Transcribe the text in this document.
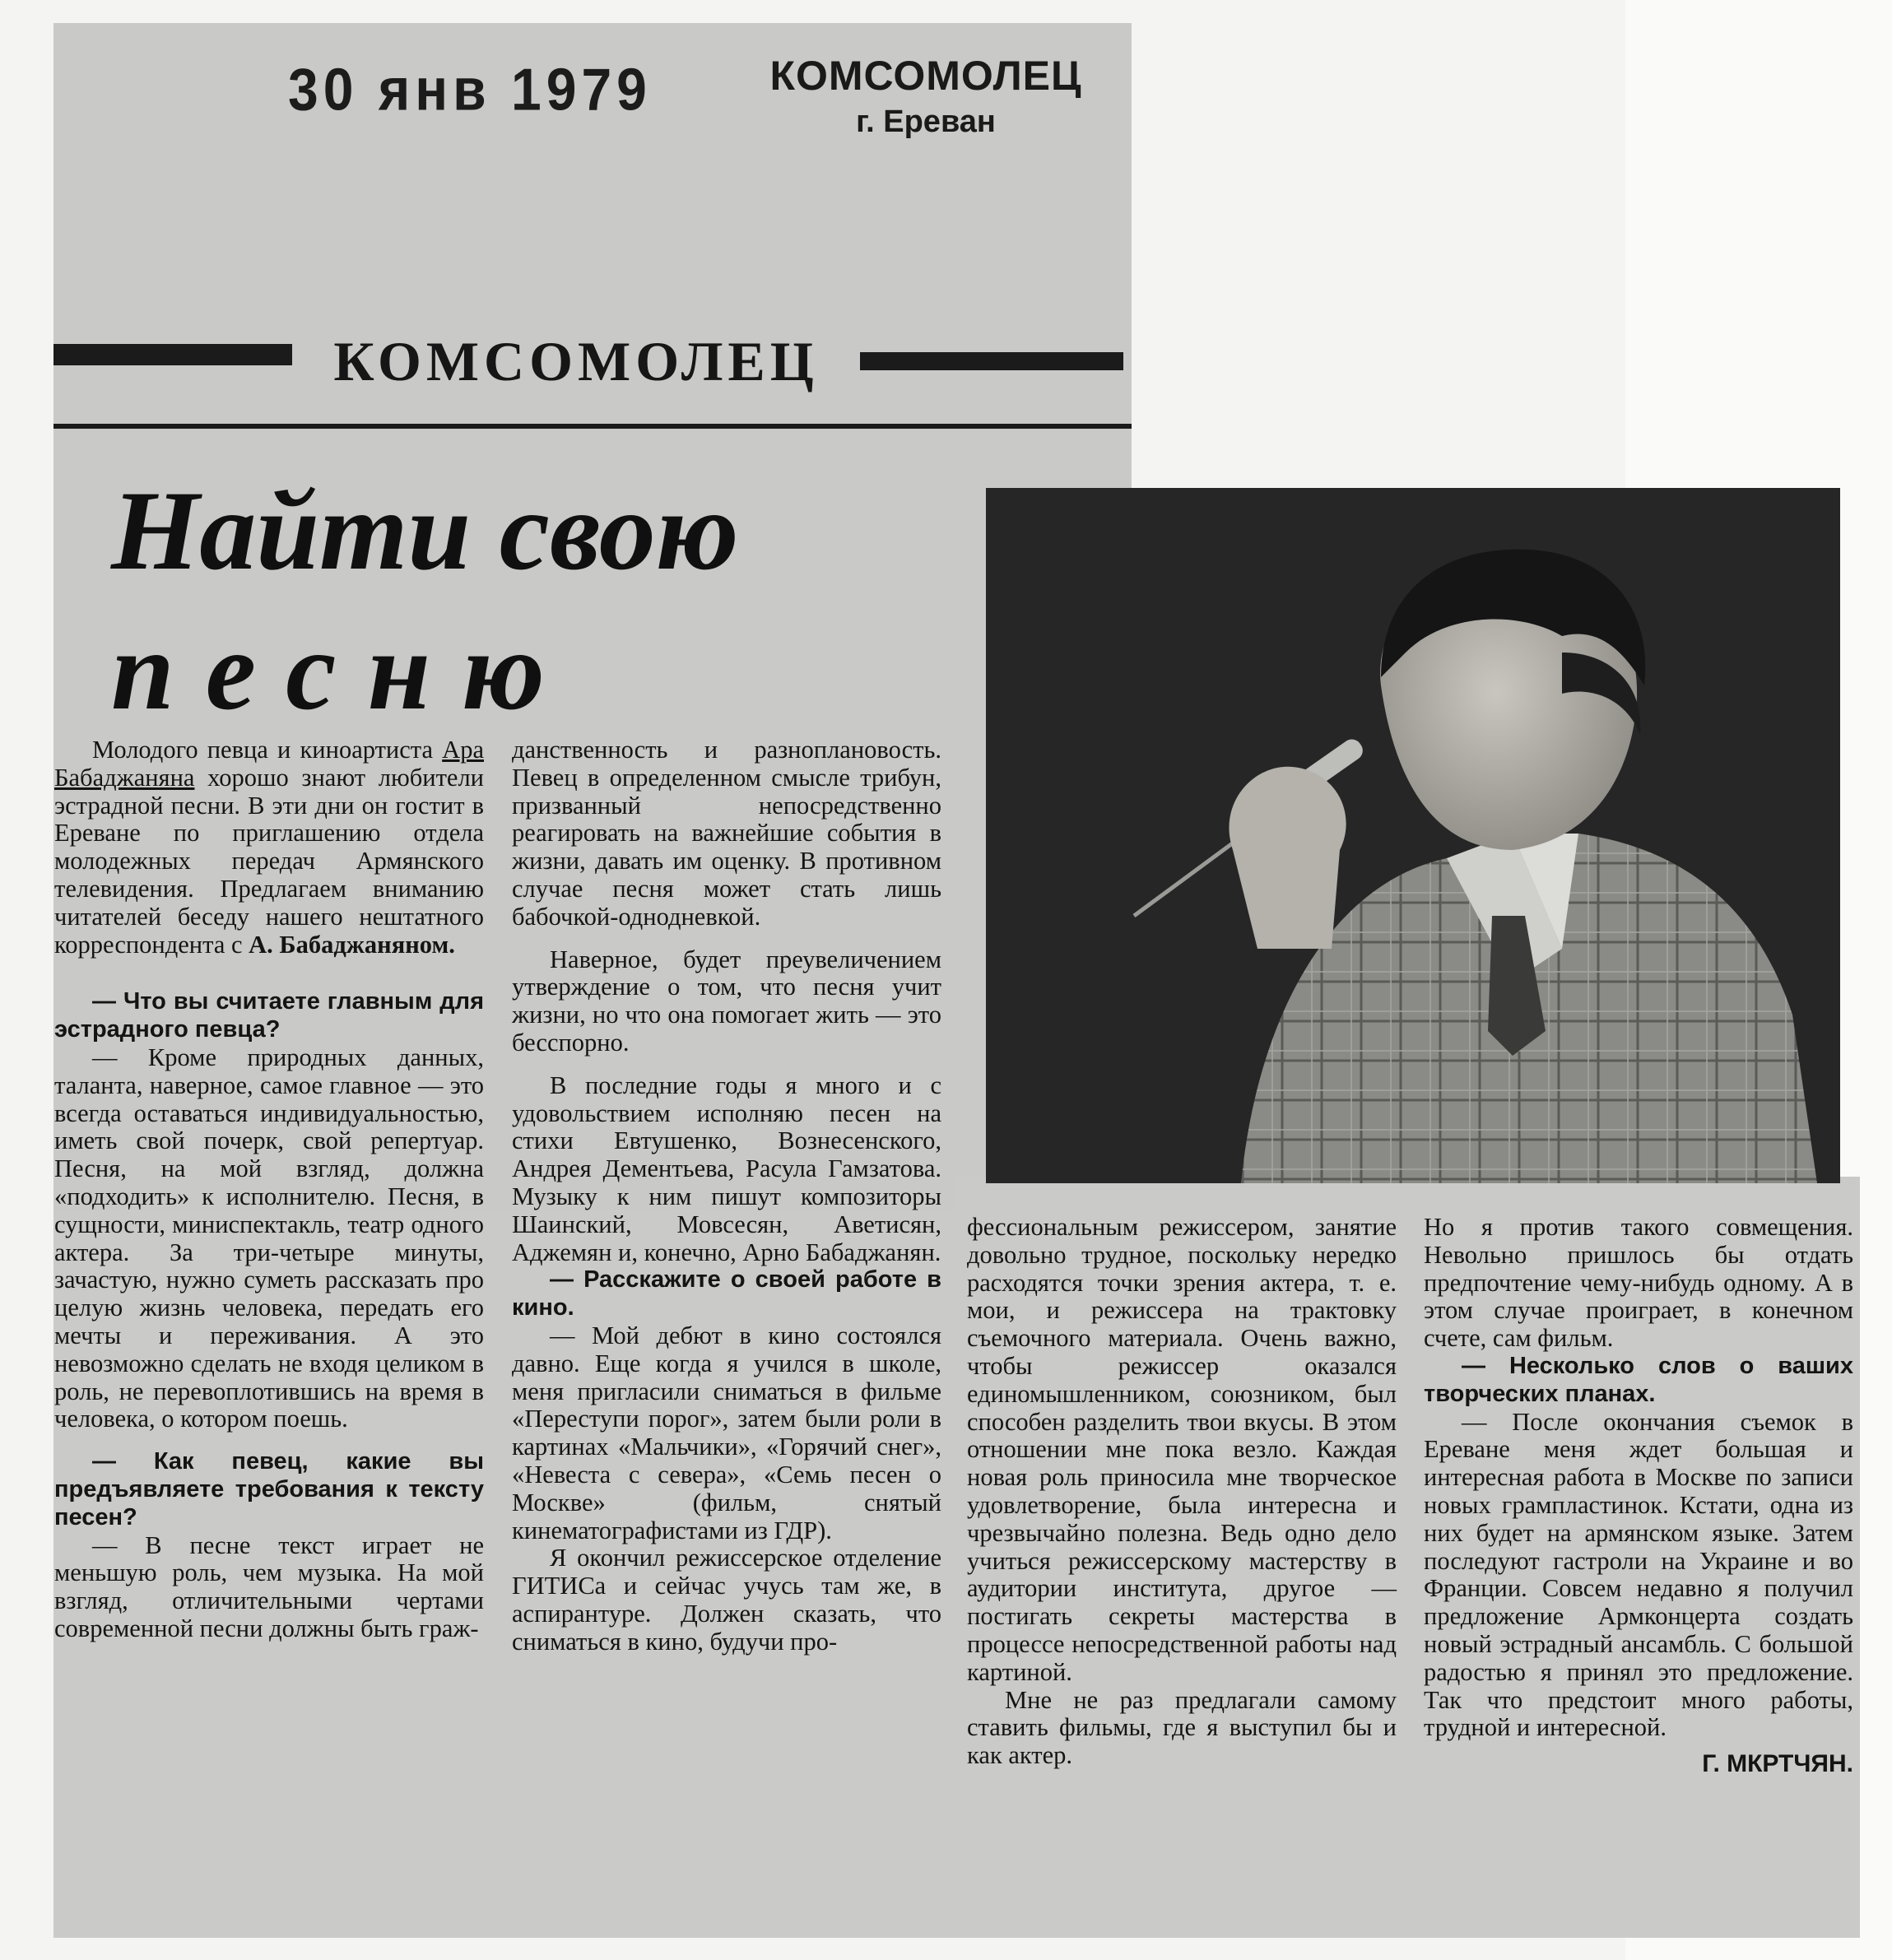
30 янв 1979	КОМСОМОЛЕЦ
г. Ереван
КОМСОМОЛЕЦ
Найти свою
песню

Молодого певца и киноартиста Ара Бабаджаняна хорошо знают любители эстрадной песни. В эти дни он гостит в Ереване по приглашению отдела молодежных передач Армянского телевидения. Предлагаем вниманию читателей беседу нашего нештатного корреспондента с А. Бабаджаняном.

— Что вы считаете главным для эстрадного певца?

— Кроме природных данных, таланта, наверное, самое главное — это всегда оставаться индивидуальностью, иметь свой почерк, свой репертуар. Песня, на мой взгляд, должна «подходить» к исполнителю. Песня, в сущности, миниспектакль, театр одного актера. За три-четыре минуты, зачастую, нужно суметь рассказать про целую жизнь человека, передать его мечты и переживания. А это невозможно сделать не входя целиком в роль, не перевоплотившись на время в человека, о котором поешь.

— Как певец, какие вы предъявляете требования к тексту песен?

— В песне текст играет не меньшую роль, чем музыка. На мой взгляд, отличительными чертами современной песни должны быть граж-

данственность и разноплановость. Певец в определенном смысле трибун, призванный непосредственно реагировать на важнейшие события в жизни, давать им оценку. В противном случае песня может стать лишь бабочкой-однодневкой.

Наверное, будет преувеличением утверждение о том, что песня учит жизни, но что она помогает жить — это бесспорно.

В последние годы я много и с удовольствием исполняю песен на стихи Евтушенко, Вознесенского, Андрея Дементьева, Расула Гамзатова. Музыку к ним пишут композиторы Шаинский, Мовсесян, Аветисян, Аджемян и, конечно, Арно Бабаджанян.

— Расскажите о своей работе в кино.

— Мой дебют в кино состоялся давно. Еще когда я учился в школе, меня пригласили сниматься в фильме «Переступи порог», затем были роли в картинах «Мальчики», «Горячий снег», «Невеста с севера», «Семь песен о Москве» (фильм, снятый кинематографистами из ГДР).

Я окончил режиссерское отделение ГИТИСа и сейчас учусь там же, в аспирантуре. Должен сказать, что сниматься в кино, будучи про-

фессиональным режиссером, занятие довольно трудное, поскольку нередко расходятся точки зрения актера, т. е. мои, и режиссера на трактовку съемочного материала. Очень важно, чтобы режиссер оказался единомышленником, союзником, был способен разделить твои вкусы. В этом отношении мне пока везло. Каждая новая роль приносила мне творческое удовлетворение, была интересна и чрезвычайно полезна. Ведь одно дело учиться режиссерскому мастерству в аудитории института, другое — постигать секреты мастерства в процессе непосредственной работы над картиной.

Мне не раз предлагали самому ставить фильмы, где я выступил бы и как актер.

Но я против такого совмещения. Невольно пришлось бы отдать предпочтение чему-нибудь одному. А в этом случае проиграет, в конечном счете, сам фильм.

— Несколько слов о ваших творческих планах.

— После окончания съемок в Ереване меня ждет большая и интересная работа в Москве по записи новых грампластинок. Кстати, одна из них будет на армянском языке. Затем последуют гастроли на Украине и во Франции. Совсем недавно я получил предложение Армконцерта создать новый эстрадный ансамбль. С большой радостью я принял это предложение. Так что предстоит много работы, трудной и интересной.

Г. МКРТЧЯН.
